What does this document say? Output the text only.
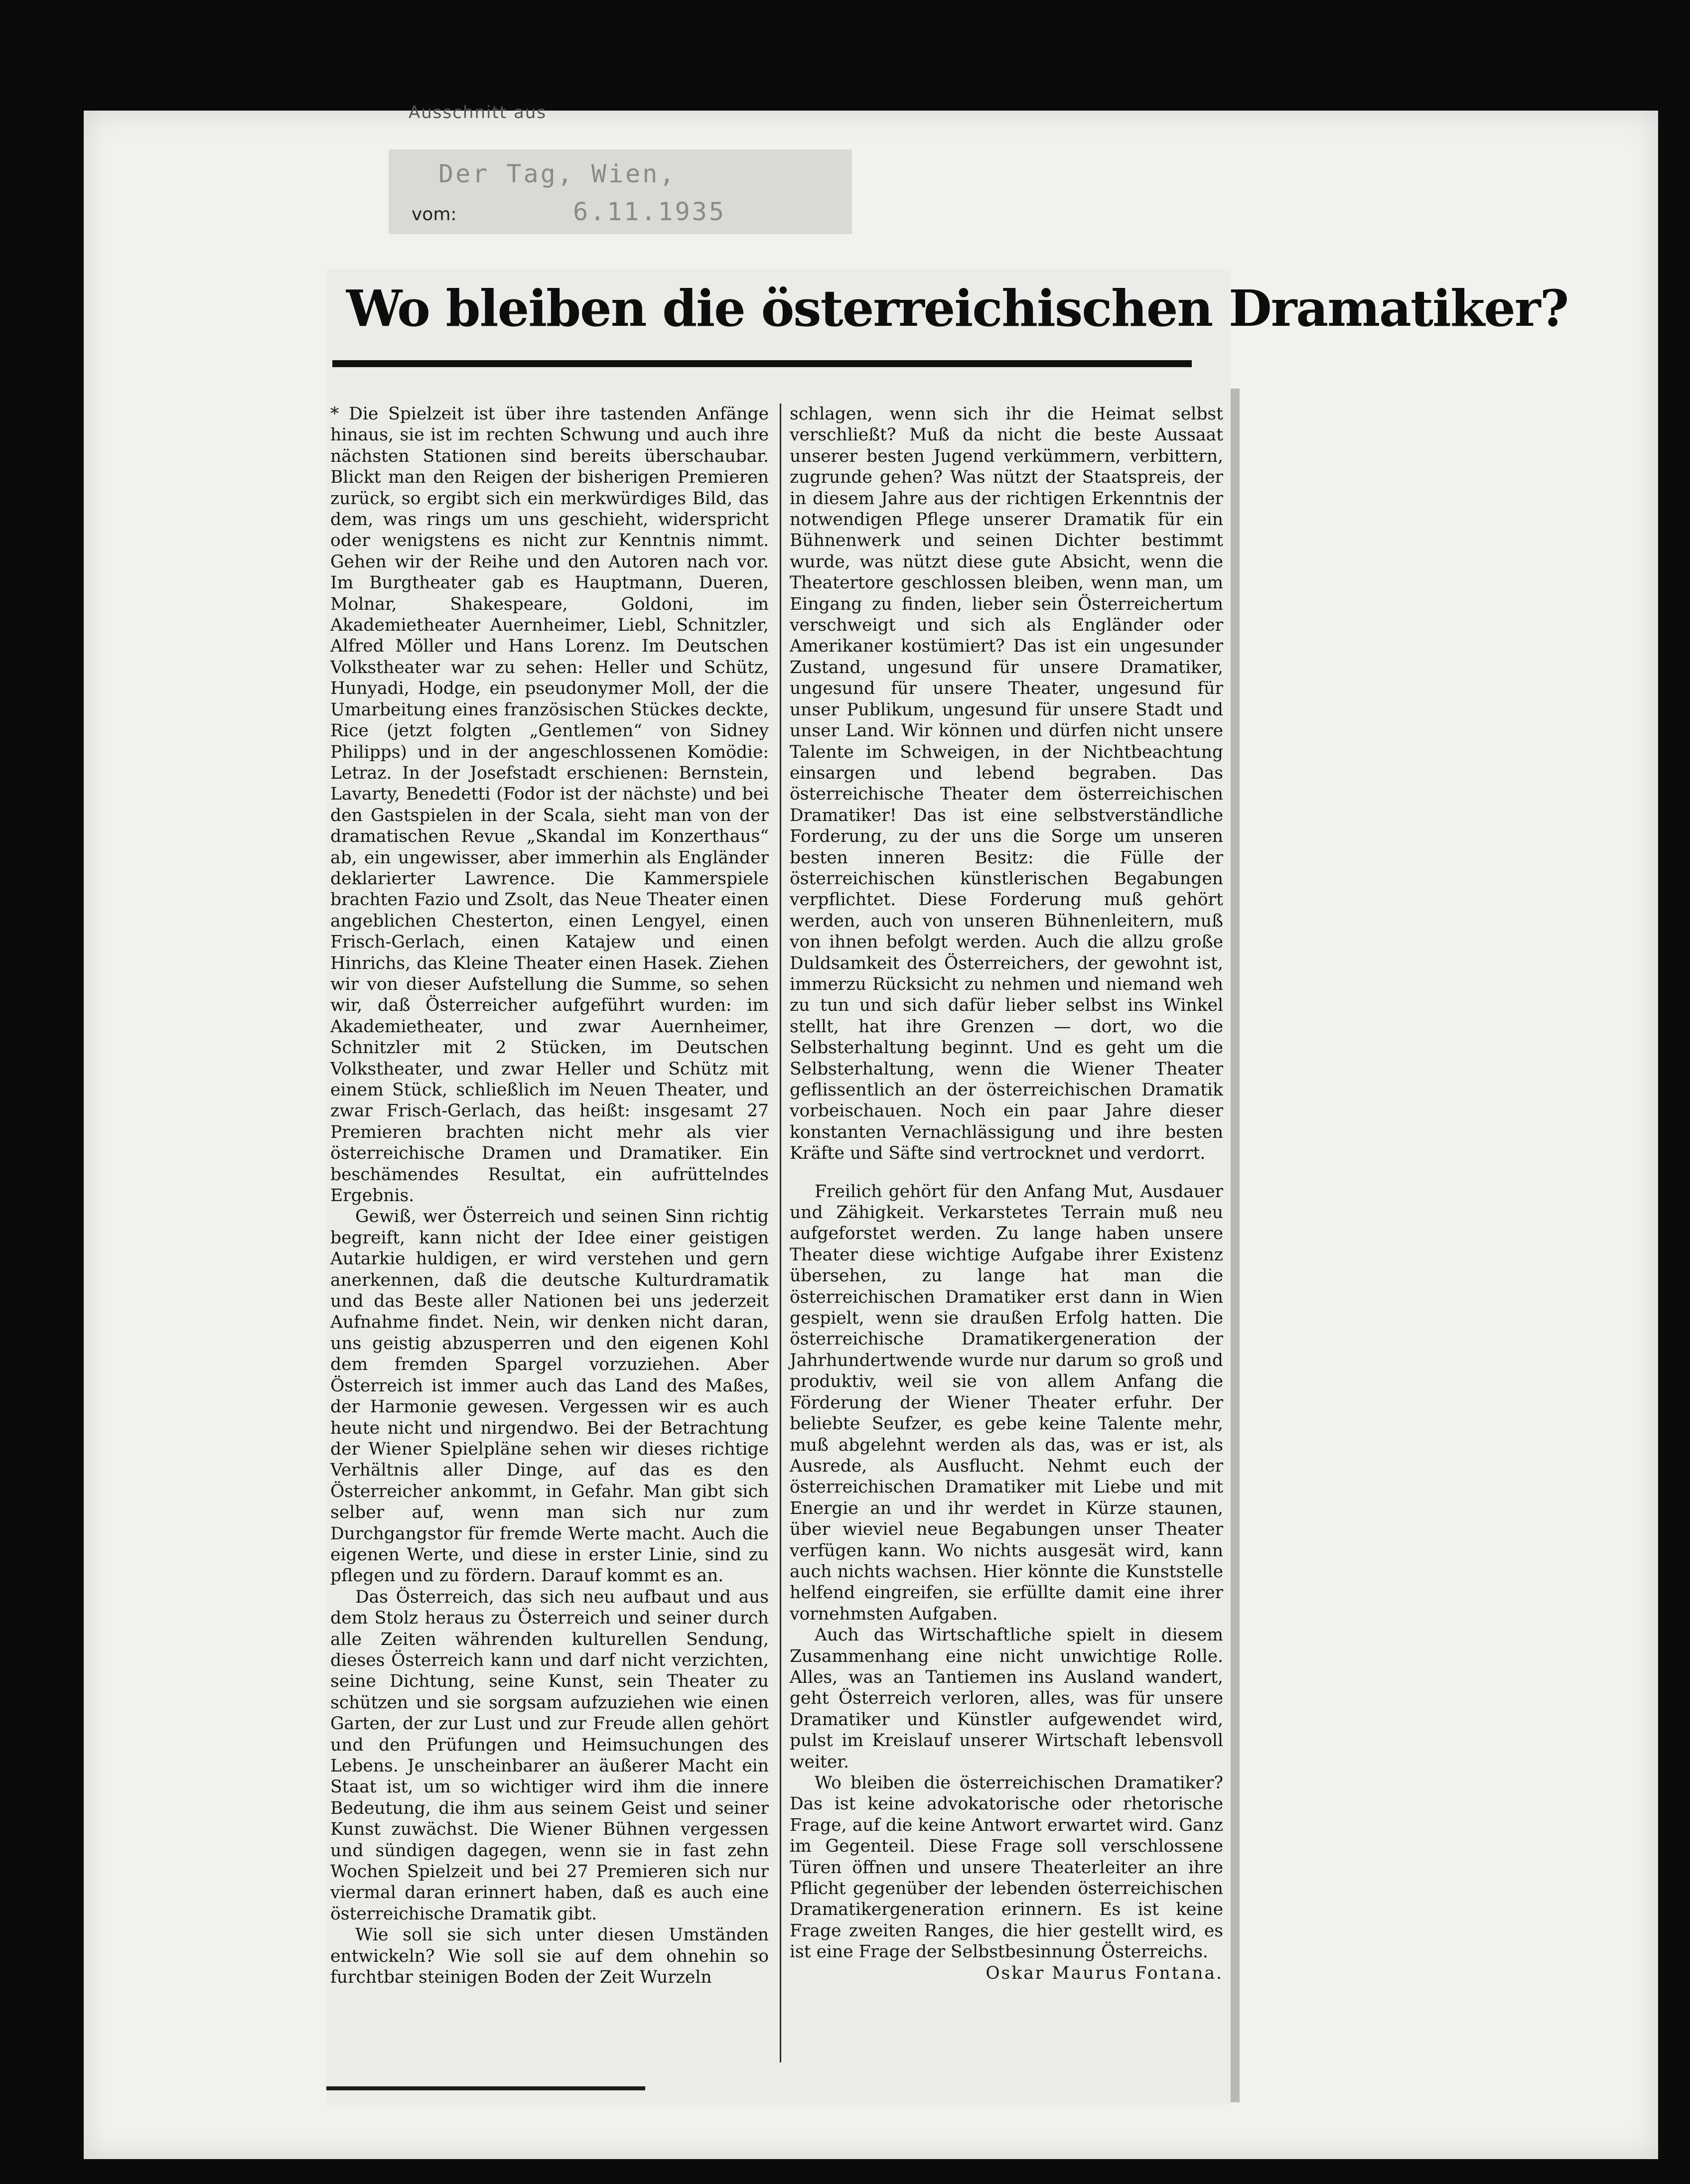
Ausschnitt aus
Der Tag, Wien,
6.11.1935
vom:
Wo bleiben die österreichischen Dramatiker?

* Die Spielzeit ist über ihre tastenden Anfänge hinaus, sie ist im rechten Schwung und auch ihre nächsten Stationen sind bereits überschaubar. Blickt man den Reigen der bisherigen Premieren zurück, so ergibt sich ein merkwürdiges Bild, das dem, was rings um uns geschieht, widerspricht oder wenigstens es nicht zur Kenntnis nimmt. Gehen wir der Reihe und den Autoren nach vor. Im Burgtheater gab es Hauptmann, Dueren, Molnar, Shakespeare, Goldoni, im Akademietheater Auernheimer, Liebl, Schnitzler, Alfred Möller und Hans Lorenz. Im Deutschen Volkstheater war zu sehen: Heller und Schütz, Hunyadi, Hodge, ein pseudonymer Moll, der die Umarbeitung eines französischen Stückes deckte, Rice (jetzt folgten „Gentlemen“ von Sidney Philipps) und in der angeschlossenen Komödie: Letraz. In der Josefstadt erschienen: Bernstein, Lavarty, Benedetti (Fodor ist der nächste) und bei den Gastspielen in der Scala, sieht man von der dramatischen Revue „Skandal im Konzerthaus“ ab, ein ungewisser, aber immerhin als Engländer deklarierter Lawrence. Die Kammerspiele brachten Fazio und Zsolt, das Neue Theater einen angeblichen Chesterton, einen Lengyel, einen Frisch-Gerlach, einen Katajew und einen Hinrichs, das Kleine Theater einen Hasek. Ziehen wir von dieser Aufstellung die Summe, so sehen wir, daß Österreicher aufgeführt wurden: im Akademietheater, und zwar Auernheimer, Schnitzler mit 2 Stücken, im Deutschen Volkstheater, und zwar Heller und Schütz mit einem Stück, schließlich im Neuen Theater, und zwar Frisch-Gerlach, das heißt: insgesamt 27 Premieren brachten nicht mehr als vier österreichische Dramen und Dramatiker. Ein beschämendes Resultat, ein aufrüttelndes Ergebnis.

Gewiß, wer Österreich und seinen Sinn richtig begreift, kann nicht der Idee einer geistigen Autarkie huldigen, er wird verstehen und gern anerkennen, daß die deutsche Kulturdramatik und das Beste aller Nationen bei uns jederzeit Aufnahme findet. Nein, wir denken nicht daran, uns geistig abzusperren und den eigenen Kohl dem fremden Spargel vorzuziehen. Aber Österreich ist immer auch das Land des Maßes, der Harmonie gewesen. Vergessen wir es auch heute nicht und nirgendwo. Bei der Betrachtung der Wiener Spielpläne sehen wir dieses richtige Verhältnis aller Dinge, auf das es den Österreicher ankommt, in Gefahr. Man gibt sich selber auf, wenn man sich nur zum Durchgangstor für fremde Werte macht. Auch die eigenen Werte, und diese in erster Linie, sind zu pflegen und zu fördern. Darauf kommt es an.

Das Österreich, das sich neu aufbaut und aus dem Stolz heraus zu Österreich und seiner durch alle Zeiten währenden kulturellen Sendung, dieses Österreich kann und darf nicht verzichten, seine Dichtung, seine Kunst, sein Theater zu schützen und sie sorgsam aufzuziehen wie einen Garten, der zur Lust und zur Freude allen gehört und den Prüfungen und Heimsuchungen des Lebens. Je unscheinbarer an äußerer Macht ein Staat ist, um so wichtiger wird ihm die innere Bedeutung, die ihm aus seinem Geist und seiner Kunst zuwächst. Die Wiener Bühnen vergessen und sündigen dagegen, wenn sie in fast zehn Wochen Spielzeit und bei 27 Premieren sich nur viermal daran erinnert haben, daß es auch eine österreichische Dramatik gibt.

Wie soll sie sich unter diesen Umständen entwickeln? Wie soll sie auf dem ohnehin so furchtbar steinigen Boden der Zeit Wurzeln

schlagen, wenn sich ihr die Heimat selbst verschließt? Muß da nicht die beste Aussaat unserer besten Jugend verkümmern, verbittern, zugrunde gehen? Was nützt der Staatspreis, der in diesem Jahre aus der richtigen Erkenntnis der notwendigen Pflege unserer Dramatik für ein Bühnenwerk und seinen Dichter bestimmt wurde, was nützt diese gute Absicht, wenn die Theatertore geschlossen bleiben, wenn man, um Eingang zu finden, lieber sein Österreichertum verschweigt und sich als Engländer oder Amerikaner kostümiert? Das ist ein ungesunder Zustand, ungesund für unsere Dramatiker, ungesund für unsere Theater, ungesund für unser Publikum, ungesund für unsere Stadt und unser Land. Wir können und dürfen nicht unsere Talente im Schweigen, in der Nichtbeachtung einsargen und lebend begraben. Das österreichische Theater dem österreichischen Dramatiker! Das ist eine selbstverständliche Forderung, zu der uns die Sorge um unseren besten inneren Besitz: die Fülle der österreichischen künstlerischen Begabungen verpflichtet. Diese Forderung muß gehört werden, auch von unseren Bühnenleitern, muß von ihnen befolgt werden. Auch die allzu große Duldsamkeit des Österreichers, der gewohnt ist, immerzu Rücksicht zu nehmen und niemand weh zu tun und sich dafür lieber selbst ins Winkel stellt, hat ihre Grenzen — dort, wo die Selbsterhaltung beginnt. Und es geht um die Selbsterhaltung, wenn die Wiener Theater geflissentlich an der österreichischen Dramatik vorbeischauen. Noch ein paar Jahre dieser konstanten Vernachlässigung und ihre besten Kräfte und Säfte sind vertrocknet und verdorrt.

Freilich gehört für den Anfang Mut, Ausdauer und Zähigkeit. Verkarstetes Terrain muß neu aufgeforstet werden. Zu lange haben unsere Theater diese wichtige Aufgabe ihrer Existenz übersehen, zu lange hat man die österreichischen Dramatiker erst dann in Wien gespielt, wenn sie draußen Erfolg hatten. Die österreichische Dramatikergeneration der Jahrhundertwende wurde nur darum so groß und produktiv, weil sie von allem Anfang die Förderung der Wiener Theater erfuhr. Der beliebte Seufzer, es gebe keine Talente mehr, muß abgelehnt werden als das, was er ist, als Ausrede, als Ausflucht. Nehmt euch der österreichischen Dramatiker mit Liebe und mit Energie an und ihr werdet in Kürze staunen, über wieviel neue Begabungen unser Theater verfügen kann. Wo nichts ausgesät wird, kann auch nichts wachsen. Hier könnte die Kunststelle helfend eingreifen, sie erfüllte damit eine ihrer vornehmsten Aufgaben.

Auch das Wirtschaftliche spielt in diesem Zusammenhang eine nicht unwichtige Rolle. Alles, was an Tantiemen ins Ausland wandert, geht Österreich verloren, alles, was für unsere Dramatiker und Künstler aufgewendet wird, pulst im Kreislauf unserer Wirtschaft lebensvoll weiter.

Wo bleiben die österreichischen Dramatiker? Das ist keine advokatorische oder rhetorische Frage, auf die keine Antwort erwartet wird. Ganz im Gegenteil. Diese Frage soll verschlossene Türen öffnen und unsere Theaterleiter an ihre Pflicht gegenüber der lebenden österreichischen Dramatikergeneration erinnern. Es ist keine Frage zweiten Ranges, die hier gestellt wird, es ist eine Frage der Selbstbesinnung Österreichs.

Oskar Maurus Fontana.
